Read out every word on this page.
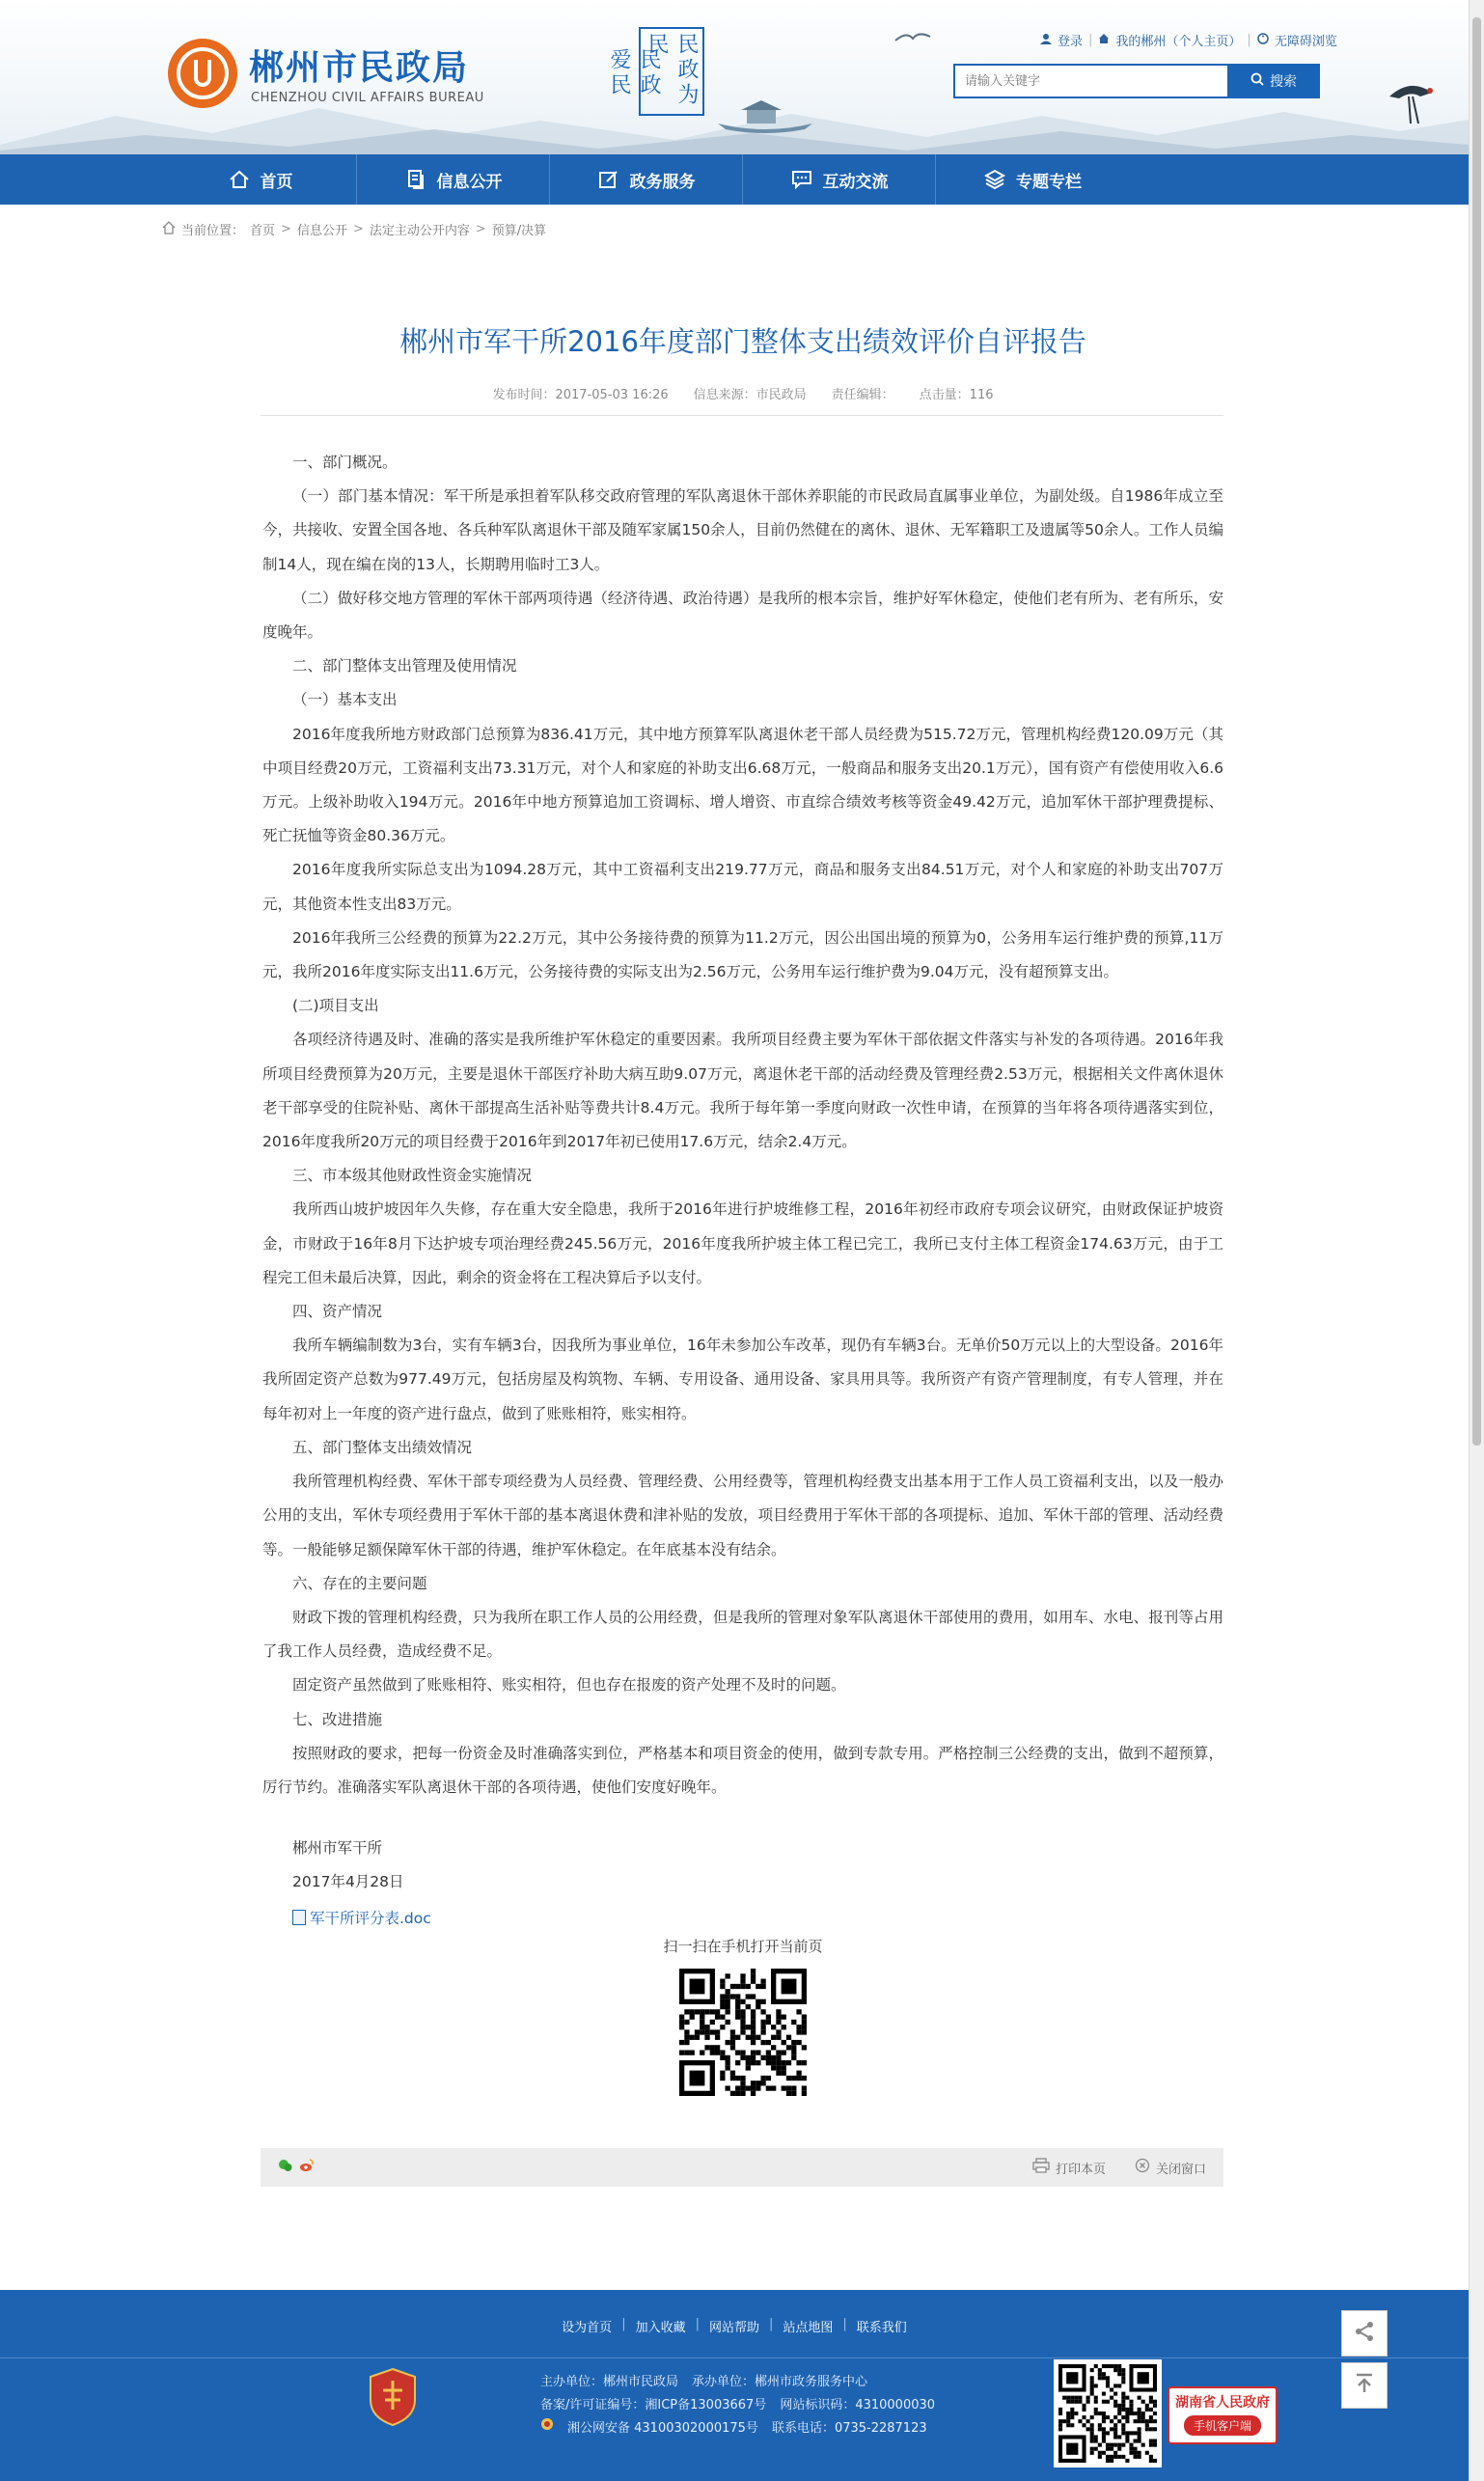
郴州市民政局
CHENZHOU CIVIL AFFAIRS BUREAU	民政为民
民政爱民
登录 | 我的郴州（个人主页） | 无障碍浏览
请输入关键字
搜索
首页	信息公开	政务服务	互动交流	专题专栏
当前位置： 首页 > 信息公开 > 法定主动公开内容 > 预算/决算
郴州市军干所2016年度部门整体支出绩效评价自评报告
发布时间：2017-05-03 16:26 信息来源：市民政局 责任编辑： 点击量：116

一、部门概况。

（一）部门基本情况：军干所是承担着军队移交政府管理的军队离退休干部休养职能的市民政局直属事业单位，为副处级。自1986年成立至今，共接收、安置全国各地、各兵种军队离退休干部及随军家属150余人，目前仍然健在的离休、退休、无军籍职工及遗属等50余人。工作人员编制14人，现在编在岗的13人，长期聘用临时工3人。

（二）做好移交地方管理的军休干部两项待遇（经济待遇、政治待遇）是我所的根本宗旨，维护好军休稳定，使他们老有所为、老有所乐，安度晚年。

二、部门整体支出管理及使用情况

（一）基本支出

2016年度我所地方财政部门总预算为836.41万元，其中地方预算军队离退休老干部人员经费为515.72万元，管理机构经费120.09万元（其中项目经费20万元，工资福利支出73.31万元，对个人和家庭的补助支出6.68万元，一般商品和服务支出20.1万元），国有资产有偿使用收入6.6万元。上级补助收入194万元。2016年中地方预算追加工资调标、增人增资、市直综合绩效考核等资金49.42万元，追加军休干部护理费提标、死亡抚恤等资金80.36万元。

2016年度我所实际总支出为1094.28万元，其中工资福利支出219.77万元，商品和服务支出84.51万元，对个人和家庭的补助支出707万元，其他资本性支出83万元。

2016年我所三公经费的预算为22.2万元，其中公务接待费的预算为11.2万元，因公出国出境的预算为0，公务用车运行维护费的预算,11万元，我所2016年度实际支出11.6万元，公务接待费的实际支出为2.56万元，公务用车运行维护费为9.04万元，没有超预算支出。

(二)项目支出

各项经济待遇及时、准确的落实是我所维护军休稳定的重要因素。我所项目经费主要为军休干部依据文件落实与补发的各项待遇。2016年我所项目经费预算为20万元，主要是退休干部医疗补助大病互助9.07万元，离退休老干部的活动经费及管理经费2.53万元，根据相关文件离休退休老干部享受的住院补贴、离休干部提高生活补贴等费共计8.4万元。我所于每年第一季度向财政一次性申请，在预算的当年将各项待遇落实到位，2016年度我所20万元的项目经费于2016年到2017年初已使用17.6万元，结余2.4万元。

三、市本级其他财政性资金实施情况

我所西山坡护坡因年久失修，存在重大安全隐患，我所于2016年进行护坡维修工程，2016年初经市政府专项会议研究，由财政保证护坡资金，市财政于16年8月下达护坡专项治理经费245.56万元，2016年度我所护坡主体工程已完工，我所已支付主体工程资金174.63万元，由于工程完工但未最后决算，因此，剩余的资金将在工程决算后予以支付。

四、资产情况

我所车辆编制数为3台，实有车辆3台，因我所为事业单位，16年未参加公车改革，现仍有车辆3台。无单价50万元以上的大型设备。2016年我所固定资产总数为977.49万元，包括房屋及构筑物、车辆、专用设备、通用设备、家具用具等。我所资产有资产管理制度，有专人管理，并在每年初对上一年度的资产进行盘点，做到了账账相符，账实相符。

五、部门整体支出绩效情况

我所管理机构经费、军休干部专项经费为人员经费、管理经费、公用经费等，管理机构经费支出基本用于工作人员工资福利支出，以及一般办公用的支出，军休专项经费用于军休干部的基本离退休费和津补贴的发放，项目经费用于军休干部的各项提标、追加、军休干部的管理、活动经费等。一般能够足额保障军休干部的待遇，维护军休稳定。在年底基本没有结余。

六、存在的主要问题

财政下拨的管理机构经费，只为我所在职工作人员的公用经费，但是我所的管理对象军队离退休干部使用的费用，如用车、水电、报刊等占用了我工作人员经费，造成经费不足。

固定资产虽然做到了账账相符、账实相符，但也存在报废的资产处理不及时的问题。

七、改进措施

按照财政的要求，把每一份资金及时准确落实到位，严格基本和项目资金的使用，做到专款专用。严格控制三公经费的支出，做到不超预算，厉行节约。准确落实军队离退休干部的各项待遇，使他们安度好晚年。

郴州市军干所
2017年4月28日
军干所评分表.doc
扫一扫在手机打开当前页
打印本页	关闭窗口
设为首页 | 加入收藏 | 网站帮助 | 站点地图 | 联系我们
主办单位：郴州市民政局 承办单位：郴州市政务服务中心
备案/许可证编号：湘ICP备13003667号 网站标识码：4310000030
湘公网安备 43100302000175号 联系电话：0735-2287123
湖南省人民政府
手机客户端
